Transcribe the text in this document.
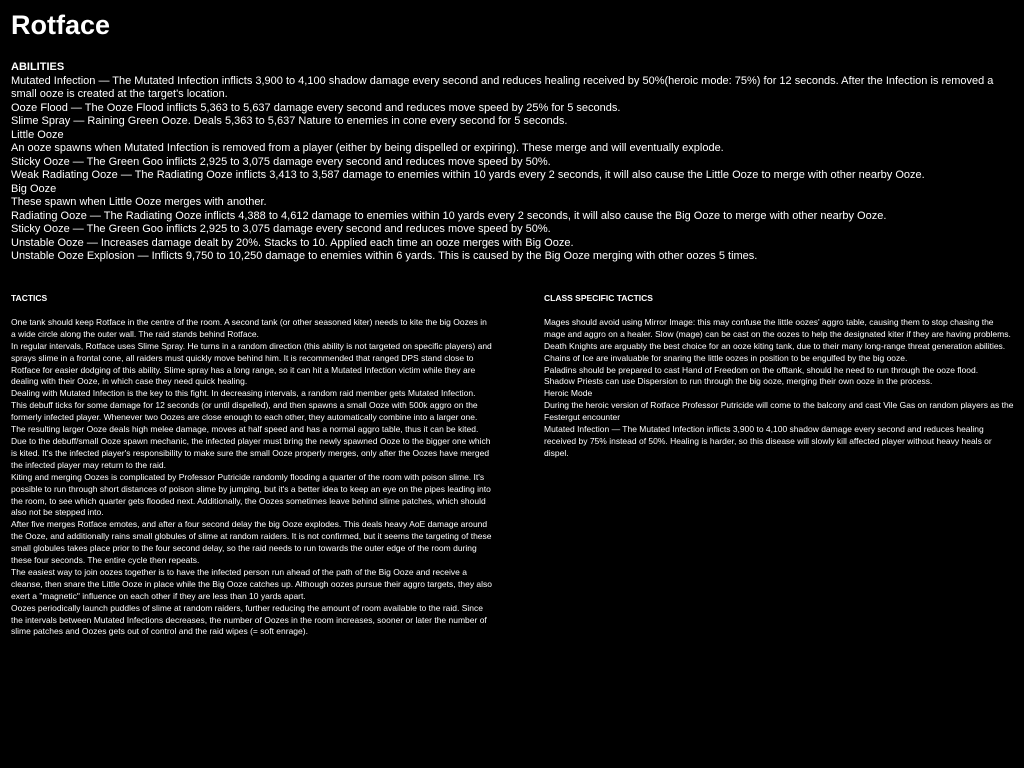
Rotface
ABILITIES
Mutated Infection — The Mutated Infection inflicts 3,900 to 4,100 shadow damage every second and reduces healing received by 50%(heroic mode: 75%) for 12 seconds. After the Infection is removed a small ooze is created at the target's location.
Ooze Flood — The Ooze Flood inflicts 5,363 to 5,637 damage every second and reduces move speed by 25% for 5 seconds.
Slime Spray — Raining Green Ooze. Deals 5,363 to 5,637 Nature to enemies in cone every second for 5 seconds.
Little Ooze
An ooze spawns when Mutated Infection is removed from a player (either by being dispelled or expiring). These merge and will eventually explode.
Sticky Ooze — The Green Goo inflicts 2,925 to 3,075 damage every second and reduces move speed by 50%.
Weak Radiating Ooze — The Radiating Ooze inflicts 3,413 to 3,587 damage to enemies within 10 yards every 2 seconds, it will also cause the Little Ooze to merge with other nearby Ooze.
Big Ooze
These spawn when Little Ooze merges with another.
Radiating Ooze — The Radiating Ooze inflicts 4,388 to 4,612 damage to enemies within 10 yards every 2 seconds, it will also cause the Big Ooze to merge with other nearby Ooze.
Sticky Ooze — The Green Goo inflicts 2,925 to 3,075 damage every second and reduces move speed by 50%.
Unstable Ooze — Increases damage dealt by 20%. Stacks to 10. Applied each time an ooze merges with Big Ooze.
Unstable Ooze Explosion — Inflicts 9,750 to 10,250 damage to enemies within 6 yards. This is caused by the Big Ooze merging with other oozes 5 times.
TACTICS
One tank should keep Rotface in the centre of the room. A second tank (or other seasoned kiter) needs to kite the big Oozes in a wide circle along the outer wall. The raid stands behind Rotface.
In regular intervals, Rotface uses Slime Spray. He turns in a random direction (this ability is not targeted on specific players) and sprays slime in a frontal cone, all raiders must quickly move behind him. It is recommended that ranged DPS stand close to Rotface for easier dodging of this ability. Slime spray has a long range, so it can hit a Mutated Infection victim while they are dealing with their Ooze, in which case they need quick healing.
Dealing with Mutated Infection is the key to this fight. In decreasing intervals, a random raid member gets Mutated Infection. This debuff ticks for some damage for 12 seconds (or until dispelled), and then spawns a small Ooze with 500k aggro on the formerly infected player. Whenever two Oozes are close enough to each other, they automatically combine into a larger one. The resulting larger Ooze deals high melee damage, moves at half speed and has a normal aggro table, thus it can be kited.
Due to the debuff/small Ooze spawn mechanic, the infected player must bring the newly spawned Ooze to the bigger one which is kited. It's the infected player's responsibility to make sure the small Ooze properly merges, only after the Oozes have merged the infected player may return to the raid.
Kiting and merging Oozes is complicated by Professor Putricide randomly flooding a quarter of the room with poison slime. It's possible to run through short distances of poison slime by jumping, but it's a better idea to keep an eye on the pipes leading into the room, to see which quarter gets flooded next. Additionally, the Oozes sometimes leave behind slime patches, which should also not be stepped into.
After five merges Rotface emotes, and after a four second delay the big Ooze explodes. This deals heavy AoE damage around the Ooze, and additionally rains small globules of slime at random raiders. It is not confirmed, but it seems the targeting of these small globules takes place prior to the four second delay, so the raid needs to run towards the outer edge of the room during these four seconds. The entire cycle then repeats.
The easiest way to join oozes together is to have the infected person run ahead of the path of the Big Ooze and receive a cleanse, then snare the Little Ooze in place while the Big Ooze catches up. Although oozes pursue their aggro targets, they also exert a "magnetic" influence on each other if they are less than 10 yards apart.
Oozes periodically launch puddles of slime at random raiders, further reducing the amount of room available to the raid. Since the intervals between Mutated Infections decreases, the number of Oozes in the room increases, sooner or later the number of slime patches and Oozes gets out of control and the raid wipes (= soft enrage).
CLASS SPECIFIC TACTICS
Mages should avoid using Mirror Image: this may confuse the little oozes' aggro table, causing them to stop chasing the mage and aggro on a healer. Slow (mage) can be cast on the oozes to help the designated kiter if they are having problems.
Death Knights are arguably the best choice for an ooze kiting tank, due to their many long-range threat generation abilities. Chains of Ice are invaluable for snaring the little oozes in position to be engulfed by the big ooze.
Paladins should be prepared to cast Hand of Freedom on the offtank, should he need to run through the ooze flood.
Shadow Priests can use Dispersion to run through the big ooze, merging their own ooze in the process.
Heroic Mode
During the heroic version of Rotface Professor Putricide will come to the balcony and cast Vile Gas on random players as the Festergut encounter
Mutated Infection — The Mutated Infection inflicts 3,900 to 4,100 shadow damage every second and reduces healing received by 75% instead of 50%. Healing is harder, so this disease will slowly kill affected player without heavy heals or dispel.
